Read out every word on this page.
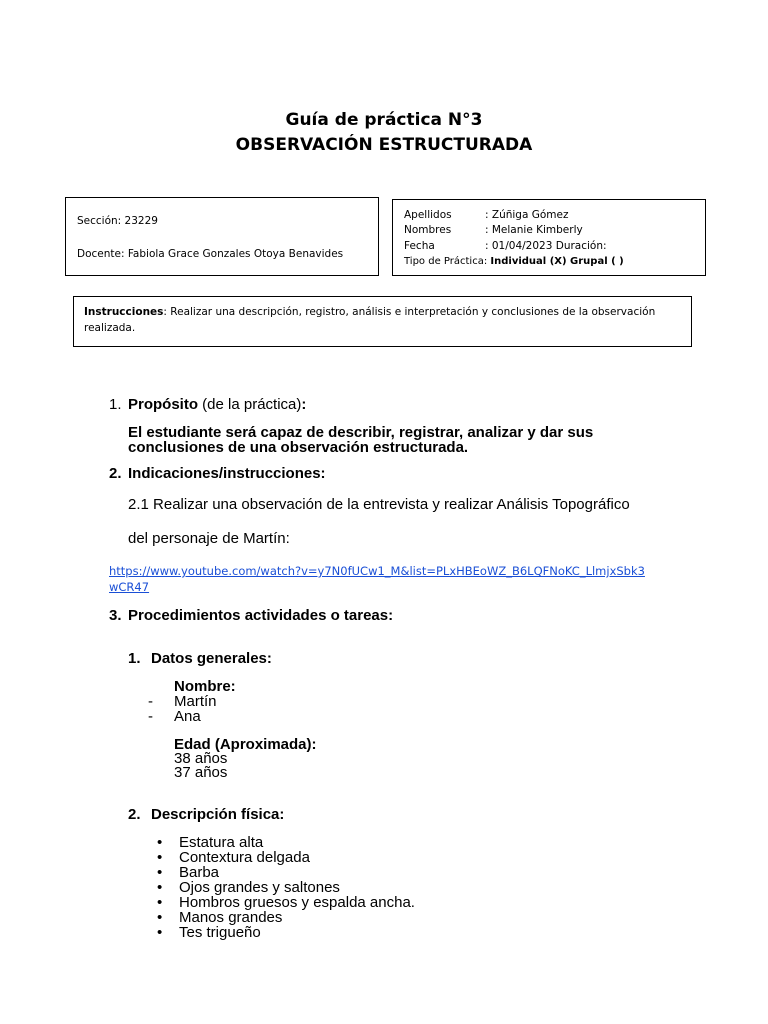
Guía de práctica N°3
OBSERVACIÓN ESTRUCTURADA
Sección: 23229
Docente: Fabiola Grace Gonzales Otoya Benavides
Apellidos	: Zúñiga Gómez
Nombres	: Melanie Kimberly
Fecha	: 01/04/2023 Duración:
Tipo de Práctica: Individual (X) Grupal ( )
Instrucciones: Realizar una descripción, registro, análisis e interpretación y conclusiones de la observación
realizada.
1. Propósito (de la práctica):
El estudiante será capaz de describir, registrar, analizar y dar sus
conclusiones de una observación estructurada.
2. Indicaciones/instrucciones:
2.1 Realizar una observación de la entrevista y realizar Análisis Topográfico
del personaje de Martín:
https://www.youtube.com/watch?v=y7N0fUCw1_M&list=PLxHBEoWZ_B6LQFNoKC_LlmjxSbk3
wCR47
3. Procedimientos actividades o tareas:
1. Datos generales:
Nombre:
- Martín
- Ana
Edad (Aproximada):
38 años
37 años
2. Descripción física:
• Estatura alta
• Contextura delgada
• Barba
• Ojos grandes y saltones
• Hombros gruesos y espalda ancha.
• Manos grandes
• Tes trigueño
